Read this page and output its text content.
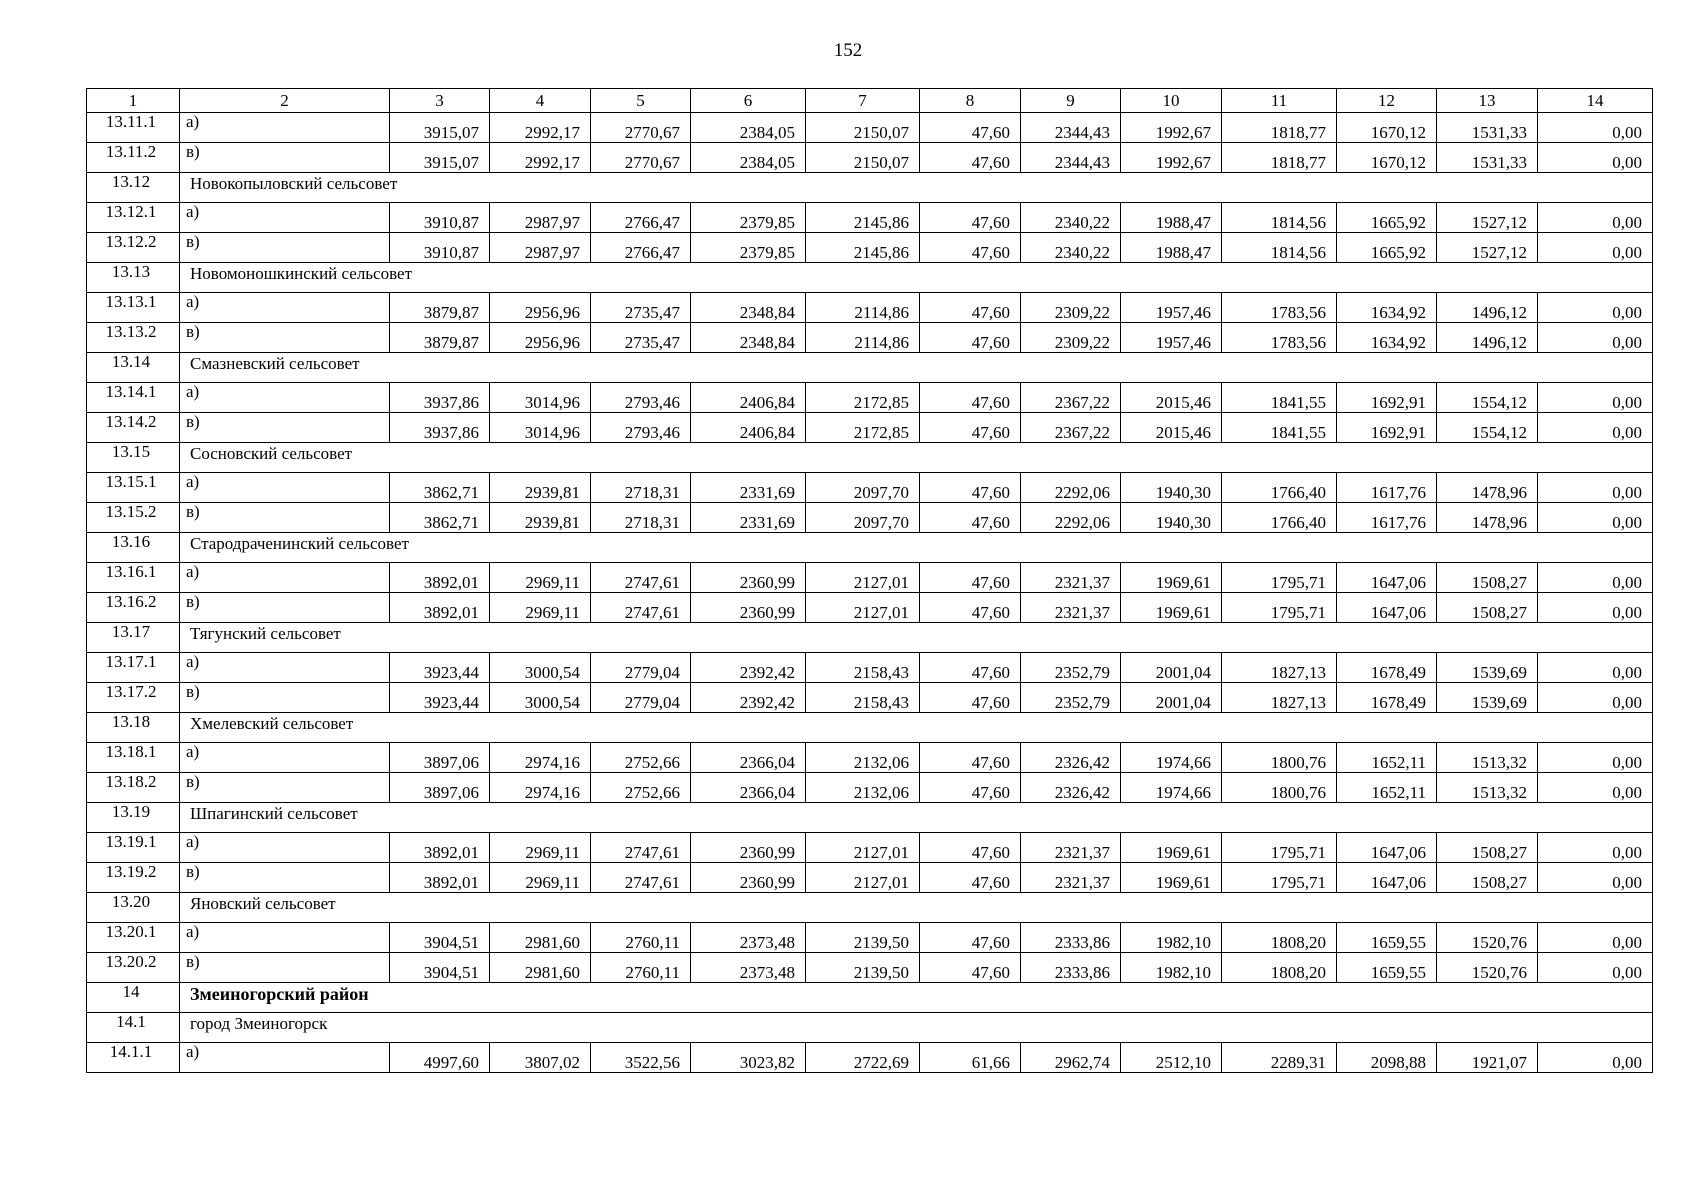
152
1	2	3	4	5	6	7	8	9	10	11	12	13	14
13.11.1	а)	3915,07	2992,17	2770,67	2384,05	2150,07	47,60	2344,43	1992,67	1818,77	1670,12	1531,33	0,00
13.11.2	в)	3915,07	2992,17	2770,67	2384,05	2150,07	47,60	2344,43	1992,67	1818,77	1670,12	1531,33	0,00
13.12	Новокопыловский сельсовет												
13.12.1	а)	3910,87	2987,97	2766,47	2379,85	2145,86	47,60	2340,22	1988,47	1814,56	1665,92	1527,12	0,00
13.12.2	в)	3910,87	2987,97	2766,47	2379,85	2145,86	47,60	2340,22	1988,47	1814,56	1665,92	1527,12	0,00
13.13	Новомоношкинский сельсовет												
13.13.1	а)	3879,87	2956,96	2735,47	2348,84	2114,86	47,60	2309,22	1957,46	1783,56	1634,92	1496,12	0,00
13.13.2	в)	3879,87	2956,96	2735,47	2348,84	2114,86	47,60	2309,22	1957,46	1783,56	1634,92	1496,12	0,00
13.14	Смазневский сельсовет												
13.14.1	а)	3937,86	3014,96	2793,46	2406,84	2172,85	47,60	2367,22	2015,46	1841,55	1692,91	1554,12	0,00
13.14.2	в)	3937,86	3014,96	2793,46	2406,84	2172,85	47,60	2367,22	2015,46	1841,55	1692,91	1554,12	0,00
13.15	Сосновский сельсовет												
13.15.1	а)	3862,71	2939,81	2718,31	2331,69	2097,70	47,60	2292,06	1940,30	1766,40	1617,76	1478,96	0,00
13.15.2	в)	3862,71	2939,81	2718,31	2331,69	2097,70	47,60	2292,06	1940,30	1766,40	1617,76	1478,96	0,00
13.16	Стародраченинский сельсовет												
13.16.1	а)	3892,01	2969,11	2747,61	2360,99	2127,01	47,60	2321,37	1969,61	1795,71	1647,06	1508,27	0,00
13.16.2	в)	3892,01	2969,11	2747,61	2360,99	2127,01	47,60	2321,37	1969,61	1795,71	1647,06	1508,27	0,00
13.17	Тягунский сельсовет												
13.17.1	а)	3923,44	3000,54	2779,04	2392,42	2158,43	47,60	2352,79	2001,04	1827,13	1678,49	1539,69	0,00
13.17.2	в)	3923,44	3000,54	2779,04	2392,42	2158,43	47,60	2352,79	2001,04	1827,13	1678,49	1539,69	0,00
13.18	Хмелевский сельсовет												
13.18.1	а)	3897,06	2974,16	2752,66	2366,04	2132,06	47,60	2326,42	1974,66	1800,76	1652,11	1513,32	0,00
13.18.2	в)	3897,06	2974,16	2752,66	2366,04	2132,06	47,60	2326,42	1974,66	1800,76	1652,11	1513,32	0,00
13.19	Шпагинский сельсовет												
13.19.1	а)	3892,01	2969,11	2747,61	2360,99	2127,01	47,60	2321,37	1969,61	1795,71	1647,06	1508,27	0,00
13.19.2	в)	3892,01	2969,11	2747,61	2360,99	2127,01	47,60	2321,37	1969,61	1795,71	1647,06	1508,27	0,00
13.20	Яновский сельсовет												
13.20.1	а)	3904,51	2981,60	2760,11	2373,48	2139,50	47,60	2333,86	1982,10	1808,20	1659,55	1520,76	0,00
13.20.2	в)	3904,51	2981,60	2760,11	2373,48	2139,50	47,60	2333,86	1982,10	1808,20	1659,55	1520,76	0,00
14	Змеиногорский район												
14.1	город Змеиногорск												
14.1.1	а)	4997,60	3807,02	3522,56	3023,82	2722,69	61,66	2962,74	2512,10	2289,31	2098,88	1921,07	0,00
